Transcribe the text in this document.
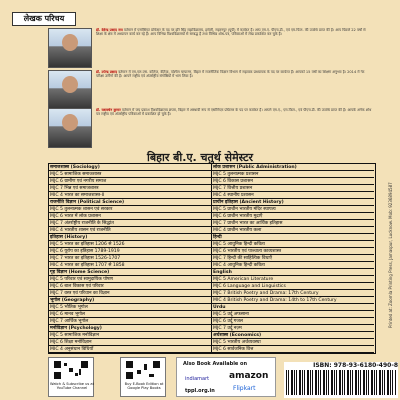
लेखक परिचय
डॉ. देवेन्द्र प्रसाद राय वर्तमान में एसोसिएट प्रोफेसर के पद पर हरि सिंह महाविद्यालय, हसेली, सहरनपुर (यूपी) में कार्यरत हैं। आप एम.ए. पीएच.डी., एवं एम.फिल. की उपाधि प्राप्त की है। आप पिछले 22 वर्षों से शिक्षा के क्षेत्र में अध्यापन कार्य कर रहे हैं। आप विभिन्न विश्वविद्यालयों से सम्बद्ध हैं तथा विभिन्न शोध-पत्र, पत्रिकाओं में लेख प्रकाशित कर चुके हैं।
डॉ. उपेन्द्र प्रसाद वर्तमान में एम.एल.एस. कॉलेज, बेतिया, पश्चिम चम्पारण, बिहार में राजनीतिक विज्ञान विभाग में सहायक प्राध्यापक के पद पर कार्यरत हैं। आपको 15 वर्षों का शिक्षण अनुभव है। 2014 में नेट परीक्षा उत्तीर्ण की है। आपने राष्ट्रीय एवं अंतर्राष्ट्रीय संगोष्ठियों में भाग लिया है।
डॉ. यशवर्धन कुमार वर्तमान में जय प्रकाश विश्वविद्यालय छपरा, बिहार में अस्थायी रूप से एसोसिएट प्रोफेसर के पद पर कार्यरत हैं। आपने एम.ए., एम.फिल., एवं पीएच.डी. की उपाधि प्राप्त की है। आपके अनेक शोध पत्र राष्ट्रीय एवं अंतर्राष्ट्रीय पत्रिकाओं में प्रकाशित हो चुके हैं।
बिहार बी.ए. चतुर्थ सेमेस्टर
समाजशास्त्र (Sociology)
MJC 5 सामाजिक समाजशास्त्र
MJC 6 ग्रामीण एवं नगरीय समाज
MJC 7 भिन्न एवं समाजशास्त्र
MIC 4 भारत का समाजशास्त्र-II
राजनीति विज्ञान (Political Science)
MJC 5 तुलनात्मक शासन एवं सरकार
MJC 6 भारत में लोक प्रशासन
MJC 7 अंतर्राष्ट्रीय राजनीति के सिद्धांत
MIC 4 भारतीय शासन एवं राजनीति
इतिहास (History)
MJC 5 भारत का इतिहास 1206 से 1526
MJC 6 यूरोप का इतिहास 1789-1919
MJC 7 भारत का इतिहास 1526-1707
MIC 4 भारत का इतिहास 1707 से 1858
गृह विज्ञान (Home Science)
MJC 5 परिवार एवं सामुदायिक पोषण
MJC 6 बाल विकास एवं परिवार
MJC 7 वस्त्र एवं परिधान का विज्ञान
भूगोल (Geography)
MJC 5 भौतिक भूगोल
MJC 6 मानव भूगोल
MJC 7 आर्थिक भूगोल
मनोविज्ञान (Psychology)
MJC 5 सामाजिक मनोविज्ञान
MJC 6 शिक्षा मनोविज्ञान
MIC 4 अनुसंधान विधियाँ
लोक प्रशासन (Public Administration)
MJC 5 तुलनात्मक प्रशासन
MJC 6 विकास प्रशासन
MJC 7 वित्तीय प्रशासन
MIC 4 स्थानीय प्रशासन
प्राचीन इतिहास (Ancient History)
MJC 5 प्राचीन भारतीय मंदिर स्थापत्य
MJC 6 प्राचीन भारतीय मुद्राएँ
MJC 7 प्राचीन भारत का आर्थिक इतिहास
MIC 4 प्राचीन भारतीय कला
हिन्दी
MJC 5 आधुनिक हिन्दी कविता
MJC 6 भारतीय एवं पाश्चात्य काव्यशास्त्र
MJC 7 हिन्दी की साहित्यिक विधाएँ
MIC 4 आधुनिक हिन्दी कविता
English
MJC 5 American Literature
MJC 6 Language and Linguistics
MJC 7 British Poetry and Drama: 17th Century
MIC 4 British Poetry and Drama: 14th to 17th Century
Urdu
MJC 5 उर्दू अफसाना
MJC 6 उर्दू गजल
MJC 7 उर्दू नज़्म
अर्थशास्त्र (Economics)
MJC 5 भारतीय अर्थव्यवस्था
MJC 6 सार्वजनिक वित्त
Watch & Subscribe us at YouTube Channel
Buy E-Book Edition at Google Play Books
Also Book Available on
amazon
Flipkart
indiamart
tppl.org.in
ISBN: 978-93-6180-490-8
Printed at: Zoomla Printing Press, Jamaspur, Lucknow. Mob: 9236894587
